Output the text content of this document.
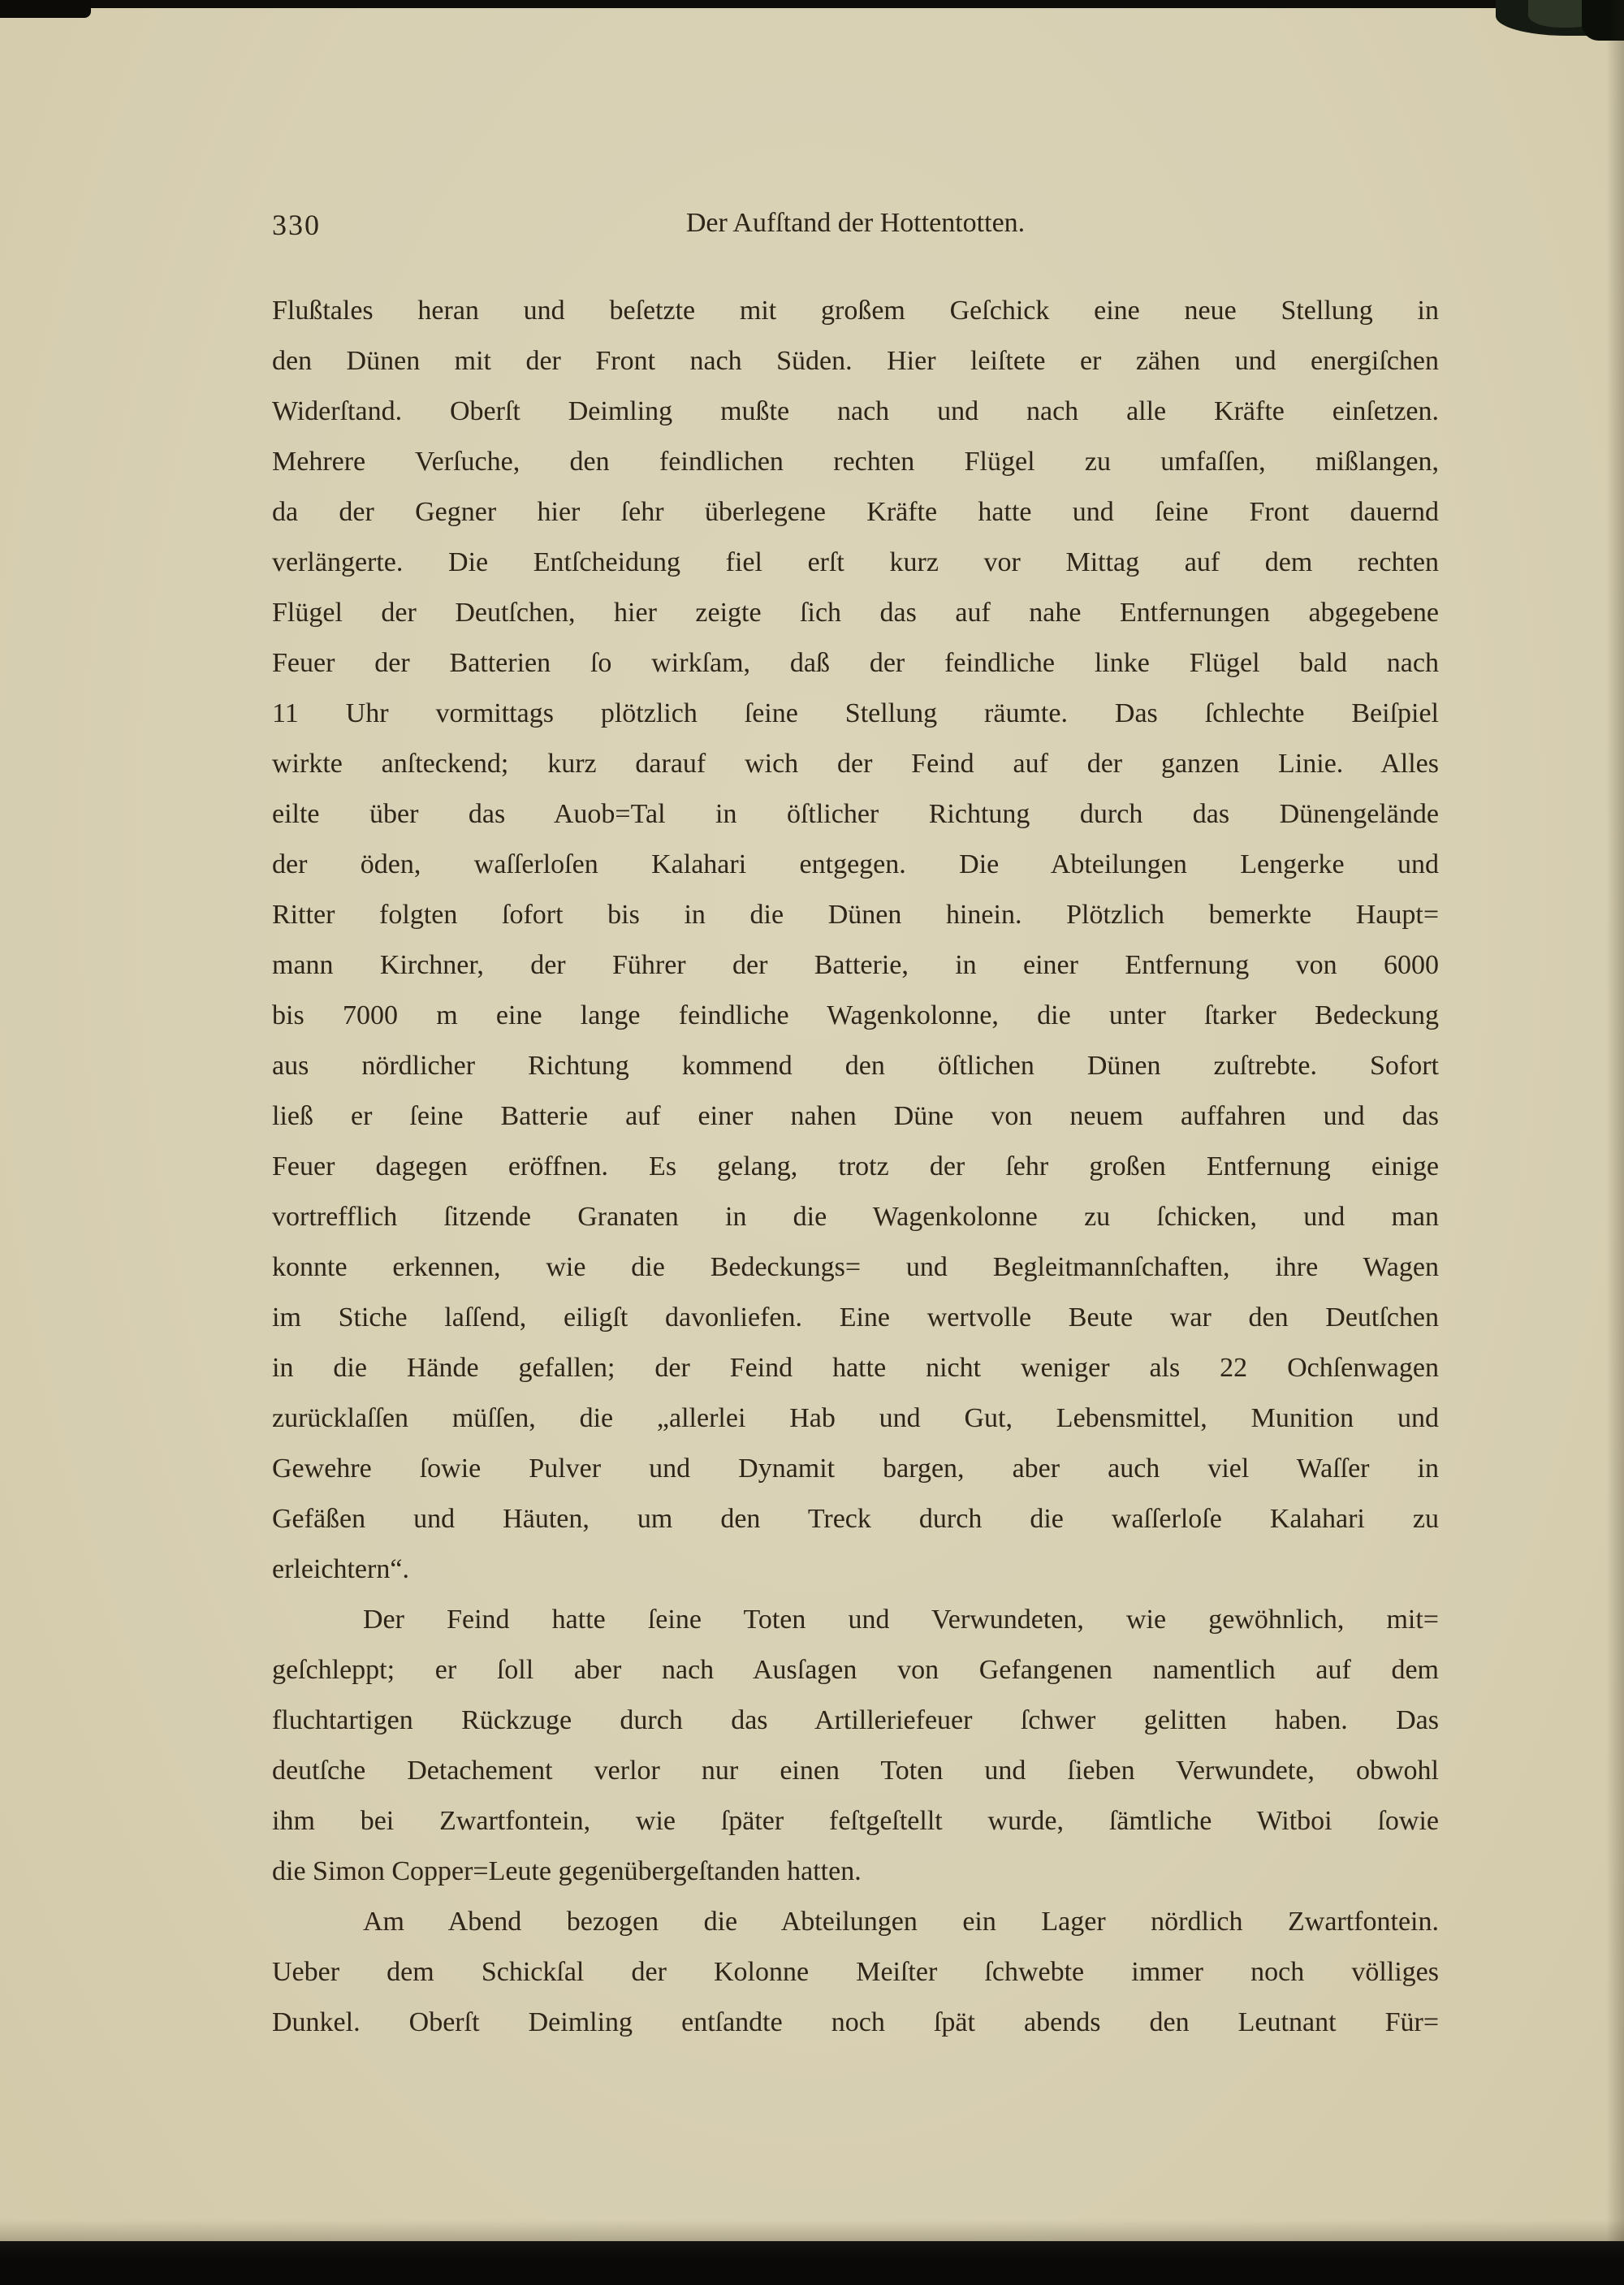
330	Der Aufſtand der Hottentotten.
Flußtales heran und beſetzte mit großem Geſchick eine neue Stellung in
den Dünen mit der Front nach Süden. Hier leiſtete er zähen und energiſchen
Widerſtand. Oberſt Deimling mußte nach und nach alle Kräfte einſetzen.
Mehrere Verſuche, den feindlichen rechten Flügel zu umfaſſen, mißlangen,
da der Gegner hier ſehr überlegene Kräfte hatte und ſeine Front dauernd
verlängerte. Die Entſcheidung fiel erſt kurz vor Mittag auf dem rechten
Flügel der Deutſchen, hier zeigte ſich das auf nahe Entfernungen abgegebene
Feuer der Batterien ſo wirkſam, daß der feindliche linke Flügel bald nach
11 Uhr vormittags plötzlich ſeine Stellung räumte. Das ſchlechte Beiſpiel
wirkte anſteckend; kurz darauf wich der Feind auf der ganzen Linie. Alles
eilte über das Auob=Tal in öſtlicher Richtung durch das Dünengelände
der öden, waſſerloſen Kalahari entgegen. Die Abteilungen Lengerke und
Ritter folgten ſofort bis in die Dünen hinein. Plötzlich bemerkte Haupt=
mann Kirchner, der Führer der Batterie, in einer Entfernung von 6000
bis 7000 m eine lange feindliche Wagenkolonne, die unter ſtarker Bedeckung
aus nördlicher Richtung kommend den öſtlichen Dünen zuſtrebte. Sofort
ließ er ſeine Batterie auf einer nahen Düne von neuem auffahren und das
Feuer dagegen eröffnen. Es gelang, trotz der ſehr großen Entfernung einige
vortrefflich ſitzende Granaten in die Wagenkolonne zu ſchicken, und man
konnte erkennen, wie die Bedeckungs= und Begleitmannſchaften, ihre Wagen
im Stiche laſſend, eiligſt davonliefen. Eine wertvolle Beute war den Deutſchen
in die Hände gefallen; der Feind hatte nicht weniger als 22 Ochſenwagen
zurücklaſſen müſſen, die „allerlei Hab und Gut, Lebensmittel, Munition und
Gewehre ſowie Pulver und Dynamit bargen, aber auch viel Waſſer in
Gefäßen und Häuten, um den Treck durch die waſſerloſe Kalahari zu
erleichtern“.
Der Feind hatte ſeine Toten und Verwundeten, wie gewöhnlich, mit=
geſchleppt; er ſoll aber nach Ausſagen von Gefangenen namentlich auf dem
fluchtartigen Rückzuge durch das Artilleriefeuer ſchwer gelitten haben. Das
deutſche Detachement verlor nur einen Toten und ſieben Verwundete, obwohl
ihm bei Zwartfontein, wie ſpäter feſtgeſtellt wurde, ſämtliche Witboi ſowie
die Simon Copper=Leute gegenübergeſtanden hatten.
Am Abend bezogen die Abteilungen ein Lager nördlich Zwartfontein.
Ueber dem Schickſal der Kolonne Meiſter ſchwebte immer noch völliges
Dunkel. Oberſt Deimling entſandte noch ſpät abends den Leutnant Für=
